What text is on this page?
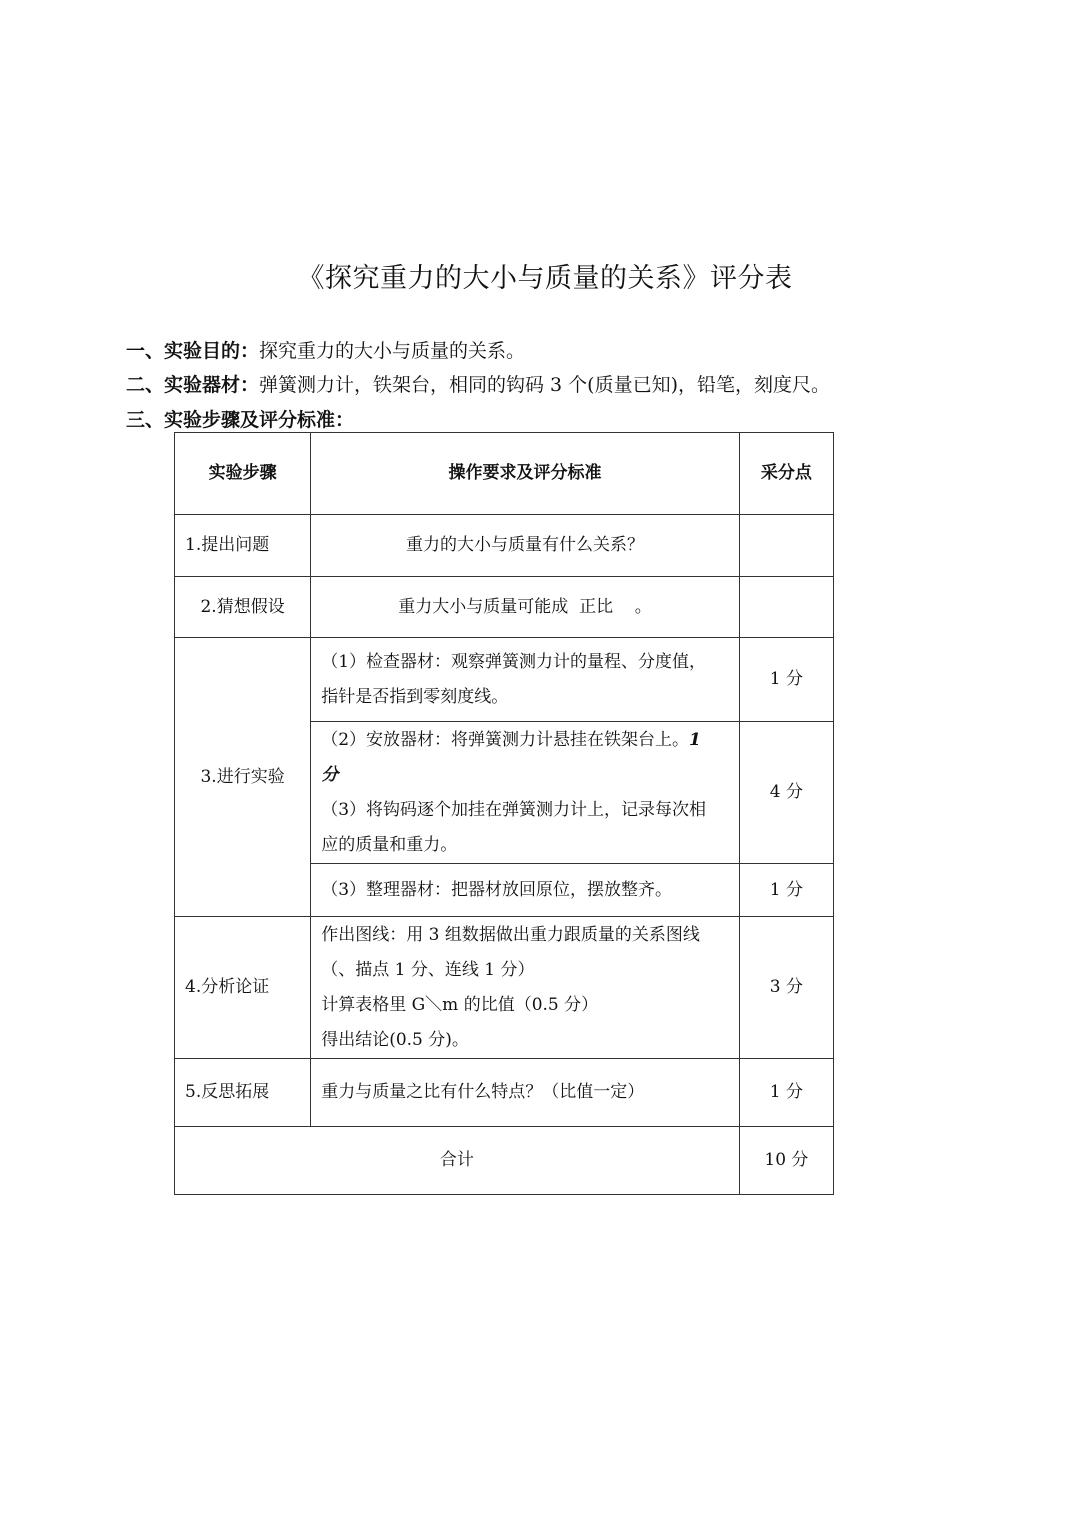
《探究重力的大小与质量的关系》评分表
一、实验目的：探究重力的大小与质量的关系。
二、实验器材：弹簧测力计，铁架台，相同的钩码 3 个(质量已知)，铅笔，刻度尺。
三、实验步骤及评分标准：
实验步骤	操作要求及评分标准	采分点
1.提出问题	重力的大小与质量有什么关系？	
2.猜想假设	重力大小与质量可能成  正比    。	
3.进行实验	（1）检查器材：观察弹簧测力计的量程、分度值，
指针是否指到零刻度线。	1 分

	（2）安放器材：将弹簧测力计悬挂在铁架台上。1
分
（3）将钩码逐个加挂在弹簧测力计上，记录每次相
应的质量和重力。	4 分
	（3）整理器材：把器材放回原位，摆放整齐。	1 分
4.分析论证	作出图线：用 3 组数据做出重力跟质量的关系图线
（、描点 1 分、连线 1 分）
计算表格里 G＼m 的比值（0.5 分）
得出结论(0.5 分)。	3 分
5.反思拓展	重力与质量之比有什么特点？（比值一定）	1 分
合计		10 分
